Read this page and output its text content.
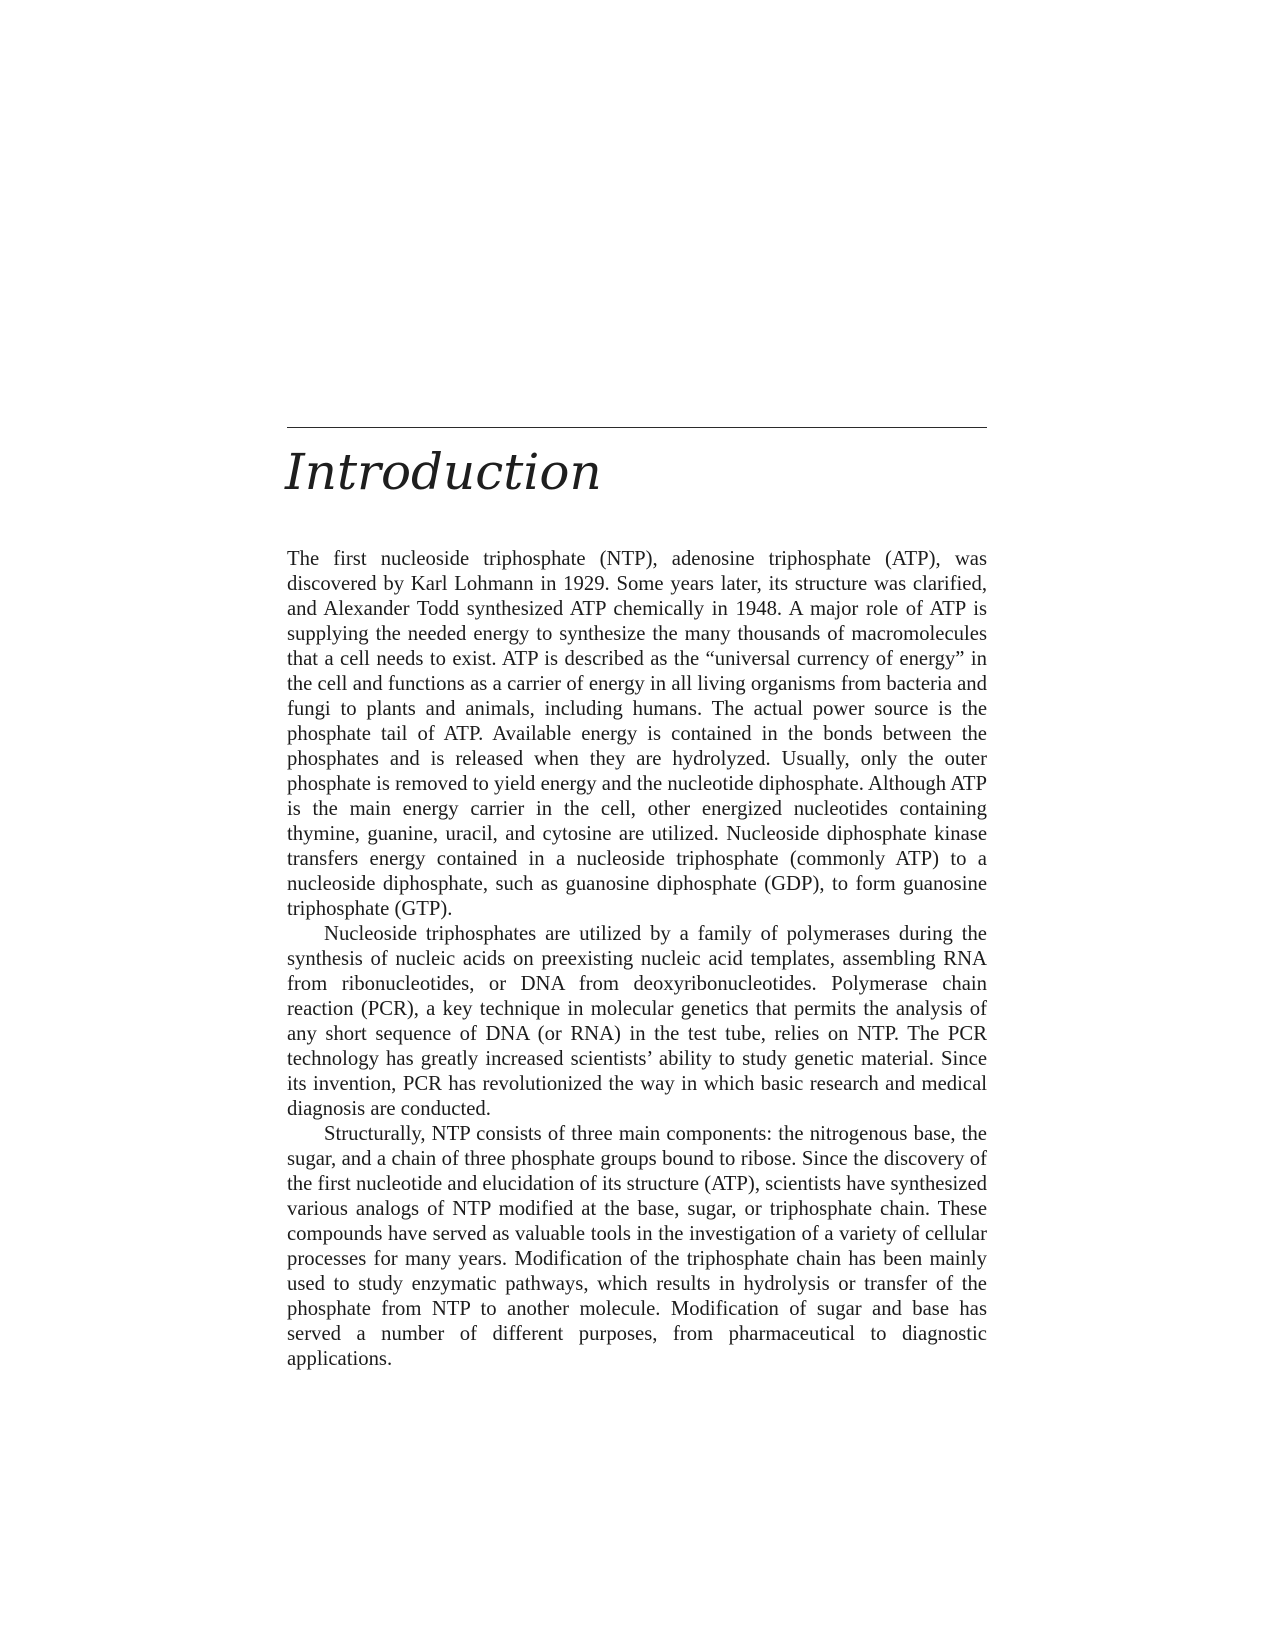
Introduction

The first nucleoside triphosphate (NTP), adenosine triphosphate (ATP), was discovered by Karl Lohmann in 1929. Some years later, its structure was clarified, and Alexander Todd synthesized ATP chemically in 1948. A major role of ATP is supplying the needed energy to synthesize the many thousands of macromolecules that a cell needs to exist. ATP is described as the “universal currency of energy” in the cell and functions as a carrier of energy in all living organisms from bacteria and fungi to plants and animals, including humans. The actual power source is the phosphate tail of ATP. Available energy is contained in the bonds between the phosphates and is released when they are hydrolyzed. Usually, only the outer phosphate is removed to yield energy and the nucleotide diphosphate. Although ATP is the main energy carrier in the cell, other energized nucleotides containing thymine, guanine, uracil, and cytosine are utilized. Nucleoside diphosphate kinase transfers energy contained in a nucleoside triphosphate (commonly ATP) to a nucleoside diphosphate, such as guanosine diphosphate (GDP), to form guanosine triphosphate (GTP).

Nucleoside triphosphates are utilized by a family of polymerases during the synthesis of nucleic acids on preexisting nucleic acid templates, assembling RNA from ribonucleotides, or DNA from deoxyribonucleotides. Polymerase chain reaction (PCR), a key technique in molecular genetics that permits the analysis of any short sequence of DNA (or RNA) in the test tube, relies on NTP. The PCR technology has greatly increased scientists’ ability to study genetic material. Since its invention, PCR has revolutionized the way in which basic research and medical diagnosis are conducted.

Structurally, NTP consists of three main components: the nitrogenous base, the sugar, and a chain of three phosphate groups bound to ribose. Since the discovery of the first nucleotide and elucidation of its structure (ATP), scientists have synthesized various analogs of NTP modified at the base, sugar, or triphosphate chain. These compounds have served as valuable tools in the investigation of a variety of cellular processes for many years. Modification of the triphosphate chain has been mainly used to study enzymatic pathways, which results in hydrolysis or transfer of the phosphate from NTP to another molecule. Modification of sugar and base has served a number of different purposes, from pharmaceutical to diagnostic applications.
